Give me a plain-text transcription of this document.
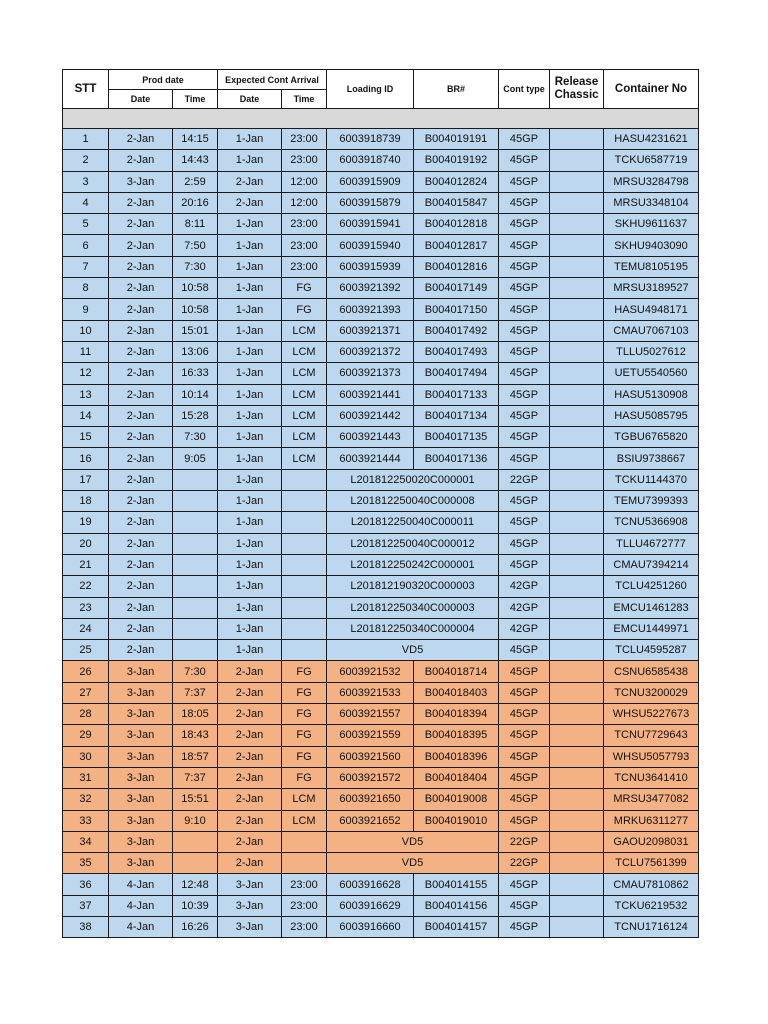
STT	Prod date		Expected Cont Arrival		Loading ID	BR#	Cont type	Release Chassic	Container No
	Date	Time	Date	Time					

1	2-Jan	14:15	1-Jan	23:00	6003918739	B004019191	45GP		HASU4231621
2	2-Jan	14:43	1-Jan	23:00	6003918740	B004019192	45GP		TCKU6587719
3	3-Jan	2:59	2-Jan	12:00	6003915909	B004012824	45GP		MRSU3284798
4	2-Jan	20:16	2-Jan	12:00	6003915879	B004015847	45GP		MRSU3348104
5	2-Jan	8:11	1-Jan	23:00	6003915941	B004012818	45GP		SKHU9611637
6	2-Jan	7:50	1-Jan	23:00	6003915940	B004012817	45GP		SKHU9403090
7	2-Jan	7:30	1-Jan	23:00	6003915939	B004012816	45GP		TEMU8105195
8	2-Jan	10:58	1-Jan	FG	6003921392	B004017149	45GP		MRSU3189527
9	2-Jan	10:58	1-Jan	FG	6003921393	B004017150	45GP		HASU4948171
10	2-Jan	15:01	1-Jan	LCM	6003921371	B004017492	45GP		CMAU7067103
11	2-Jan	13:06	1-Jan	LCM	6003921372	B004017493	45GP		TLLU5027612
12	2-Jan	16:33	1-Jan	LCM	6003921373	B004017494	45GP		UETU5540560
13	2-Jan	10:14	1-Jan	LCM	6003921441	B004017133	45GP		HASU5130908
14	2-Jan	15:28	1-Jan	LCM	6003921442	B004017134	45GP		HASU5085795
15	2-Jan	7:30	1-Jan	LCM	6003921443	B004017135	45GP		TGBU6765820
16	2-Jan	9:05	1-Jan	LCM	6003921444	B004017136	45GP		BSIU9738667
17	2-Jan		1-Jan		L201812250020C000001		22GP		TCKU1144370
18	2-Jan		1-Jan		L201812250040C000008		45GP		TEMU7399393
19	2-Jan		1-Jan		L201812250040C000011		45GP		TCNU5366908
20	2-Jan		1-Jan		L201812250040C000012		45GP		TLLU4672777
21	2-Jan		1-Jan		L201812250242C000001		45GP		CMAU7394214
22	2-Jan		1-Jan		L201812190320C000003		42GP		TCLU4251260
23	2-Jan		1-Jan		L201812250340C000003		42GP		EMCU1461283
24	2-Jan		1-Jan		L201812250340C000004		42GP		EMCU1449971
25	2-Jan		1-Jan		VD5		45GP		TCLU4595287
26	3-Jan	7:30	2-Jan	FG	6003921532	B004018714	45GP		CSNU6585438
27	3-Jan	7:37	2-Jan	FG	6003921533	B004018403	45GP		TCNU3200029
28	3-Jan	18:05	2-Jan	FG	6003921557	B004018394	45GP		WHSU5227673
29	3-Jan	18:43	2-Jan	FG	6003921559	B004018395	45GP		TCNU7729643
30	3-Jan	18:57	2-Jan	FG	6003921560	B004018396	45GP		WHSU5057793
31	3-Jan	7:37	2-Jan	FG	6003921572	B004018404	45GP		TCNU3641410
32	3-Jan	15:51	2-Jan	LCM	6003921650	B004019008	45GP		MRSU3477082
33	3-Jan	9:10	2-Jan	LCM	6003921652	B004019010	45GP		MRKU6311277
34	3-Jan		2-Jan		VD5		22GP		GAOU2098031
35	3-Jan		2-Jan		VD5		22GP		TCLU7561399
36	4-Jan	12:48	3-Jan	23:00	6003916628	B004014155	45GP		CMAU7810862
37	4-Jan	10:39	3-Jan	23:00	6003916629	B004014156	45GP		TCKU6219532
38	4-Jan	16:26	3-Jan	23:00	6003916660	B004014157	45GP		TCNU1716124
